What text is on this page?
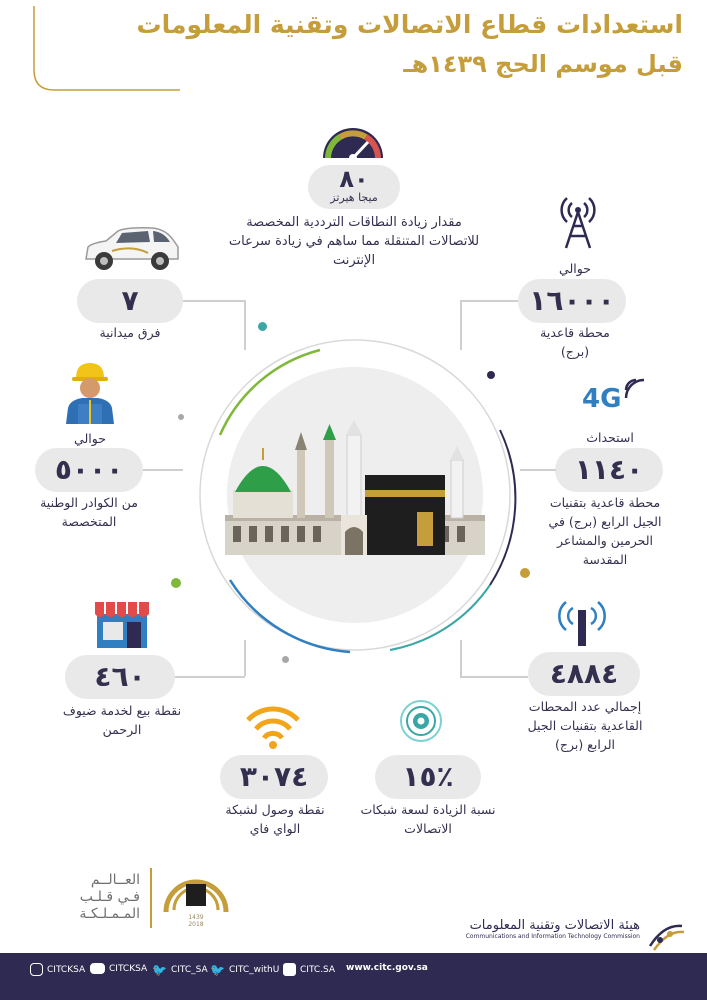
استعدادات قطاع الاتصالات وتقنية المعلومات
قبل موسم الحج ١٤٣٩هـ
٨٠
ميجا هيرتز
مقدار زيادة النطاقات الترددية المخصصة للاتصالات المتنقلة مما ساهم في زيادة سرعات الإنترنت
حوالي
١٦٠٠٠
محطة قاعدية
(برج)
٧
فرق ميدانية
4G
استحداث
١١٤٠
محطة قاعدية بتقنيات الجيل الرابع (برج) في الحرمين والمشاعر المقدسة
حوالي
٥٠٠٠
من الكوادر الوطنية المتخصصة
٤٦٠
نقطة بيع لخدمة ضيوف الرحمن
٤٨٨٤
إجمالي عدد المحطات القاعدية بتقنيات الجيل الرابع (برج)
٣٠٧٤
نقطة وصول لشبكة الواي فاي
١٥٪
نسبة الزيادة لسعة شبكات الاتصالات
العــالــم
فـي قـلـب
المـمـلـكـة	1439
2018	هيئة الاتصالات وتقنية المعلومات
Communications and Information Technology Commission
CITCKSA	CITCKSA 🐦 CITC_SA 🐦 CITC_withU CITC.SA www.citc.gov.sa
